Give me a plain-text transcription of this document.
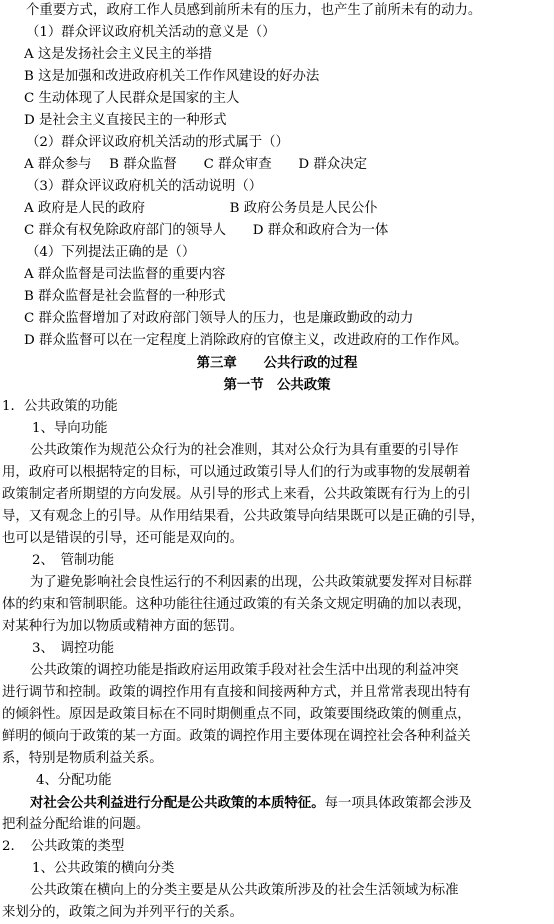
个重要方式，政府工作人员感到前所未有的压力，也产生了前所未有的动力。
（1）群众评议政府机关活动的意义是（）
A 这是发扬社会主义民主的举措
B 这是加强和改进政府机关工作作风建设的好办法
C 生动体现了人民群众是国家的主人
D 是社会主义直接民主的一种形式
（2）群众评议政府机关活动的形式属于（）
A 群众参与　 B 群众监督　　C 群众审查　　D 群众决定
（3）群众评议政府机关的活动说明（）
A 政府是人民的政府　　　　　　 B 政府公务员是人民公仆
C 群众有权免除政府部门的领导人　　D 群众和政府合为一体
（4）下列提法正确的是（）
A 群众监督是司法监督的重要内容
B 群众监督是社会监督的一种形式
C 群众监督增加了对政府部门领导人的压力，也是廉政勤政的动力
D 群众监督可以在一定程度上消除政府的官僚主义，改进政府的工作作风。
第三章　　公共行政的过程
第一节　公共政策
1．公共政策的功能
1、导向功能
公共政策作为规范公众行为的社会准则，其对公众行为具有重要的引导作
用，政府可以根据特定的目标，可以通过政策引导人们的行为或事物的发展朝着
政策制定者所期望的方向发展。从引导的形式上来看，公共政策既有行为上的引
导，又有观念上的引导。从作用结果看，公共政策导向结果既可以是正确的引导，
也可以是错误的引导，还可能是双向的。
2、　管制功能
为了避免影响社会良性运行的不利因素的出现，公共政策就要发挥对目标群
体的约束和管制职能。这种功能往往通过政策的有关条文规定明确的加以表现，
对某种行为加以物质或精神方面的惩罚。
3、　调控功能
公共政策的调控功能是指政府运用政策手段对社会生活中出现的利益冲突
进行调节和控制。政策的调控作用有直接和间接两种方式，并且常常表现出特有
的倾斜性。原因是政策目标在不同时期侧重点不同，政策要围绕政策的侧重点，
鲜明的倾向于政策的某一方面。政策的调控作用主要体现在调控社会各种利益关
系，特别是物质利益关系。
4、分配功能
对社会公共利益进行分配是公共政策的本质特征。每一项具体政策都会涉及
把利益分配给谁的问题。
2．　公共政策的类型
1、公共政策的横向分类
公共政策在横向上的分类主要是从公共政策所涉及的社会生活领域为标准
来划分的，政策之间为并列平行的关系。
